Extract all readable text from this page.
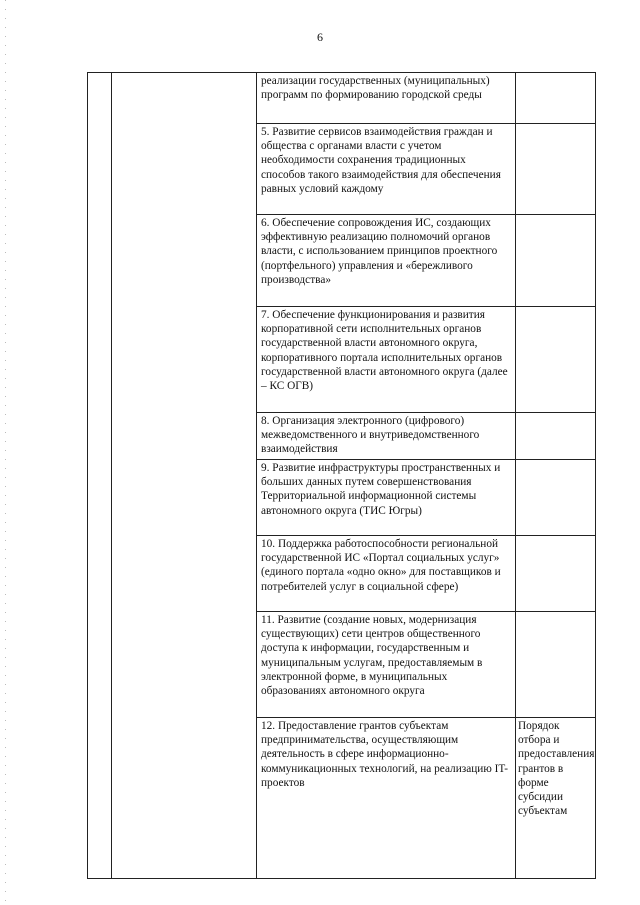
6
		реализации государственных (муниципальных) программ по формированию городской среды	
		5. Развитие сервисов взаимодействия граждан и общества с органами власти с учетом необходимости сохранения традиционных способов такого взаимодействия для обеспечения равных условий каждому	
		6. Обеспечение сопровождения ИС, создающих эффективную реализацию полномочий органов власти, с использованием принципов проектного (портфельного) управления и «бережливого производства»	
		7. Обеспечение функционирования и развития корпоративной сети исполнительных органов государственной власти автономного округа, корпоративного портала исполнительных органов государственной власти автономного округа (далее – КС ОГВ)	
		8. Организация электронного (цифрового) межведомственного и внутриведомственного взаимодействия	
		9. Развитие инфраструктуры пространственных и больших данных путем совершенствования Территориальной информационной системы автономного округа (ТИС Югры)	
		10. Поддержка работоспособности региональной государственной ИС «Портал социальных услуг» (единого портала «одно окно» для поставщиков и потребителей услуг в социальной сфере)	
		11. Развитие (создание новых, модернизация существующих) сети центров общественного доступа к информации, государственным и муниципальным услугам, предоставляемым в электронной форме, в муниципальных образованиях автономного округа	
		12. Предоставление грантов субъектам предпринимательства, осуществляющим деятельность в сфере информационно-коммуникационных технологий, на реализацию IT-проектов	Порядок отбора и предоставления грантов в форме субсидии субъектам
